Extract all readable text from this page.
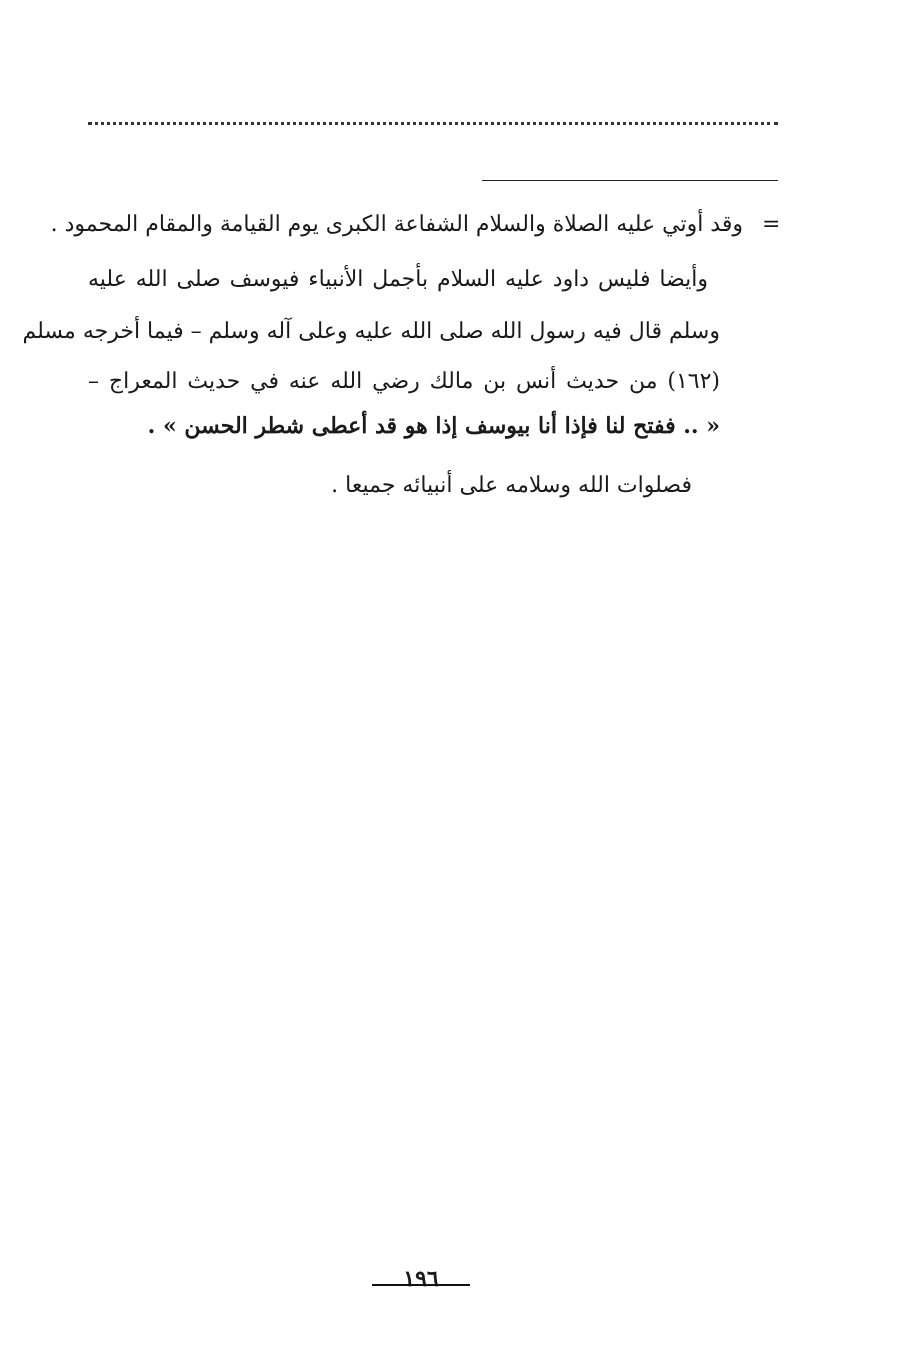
=
وقد أوتي عليه الصلاة والسلام الشفاعة الكبرى يوم القيامة والمقام المحمود .
وأيضا فليس داود عليه السلام بأجمل الأنبياء فيوسف صلى الله عليه
وسلم قال فيه رسول الله صلى الله عليه وعلى آله وسلم – فيما أخرجه مسلم
(١٦٢) من حديث أنس بن مالك رضي الله عنه في حديث المعراج –
« .. ففتح لنا فإذا أنا بيوسف إذا هو قد أعطى شطر الحسن » .
فصلوات الله وسلامه على أنبيائه جميعا .
١٩٦
